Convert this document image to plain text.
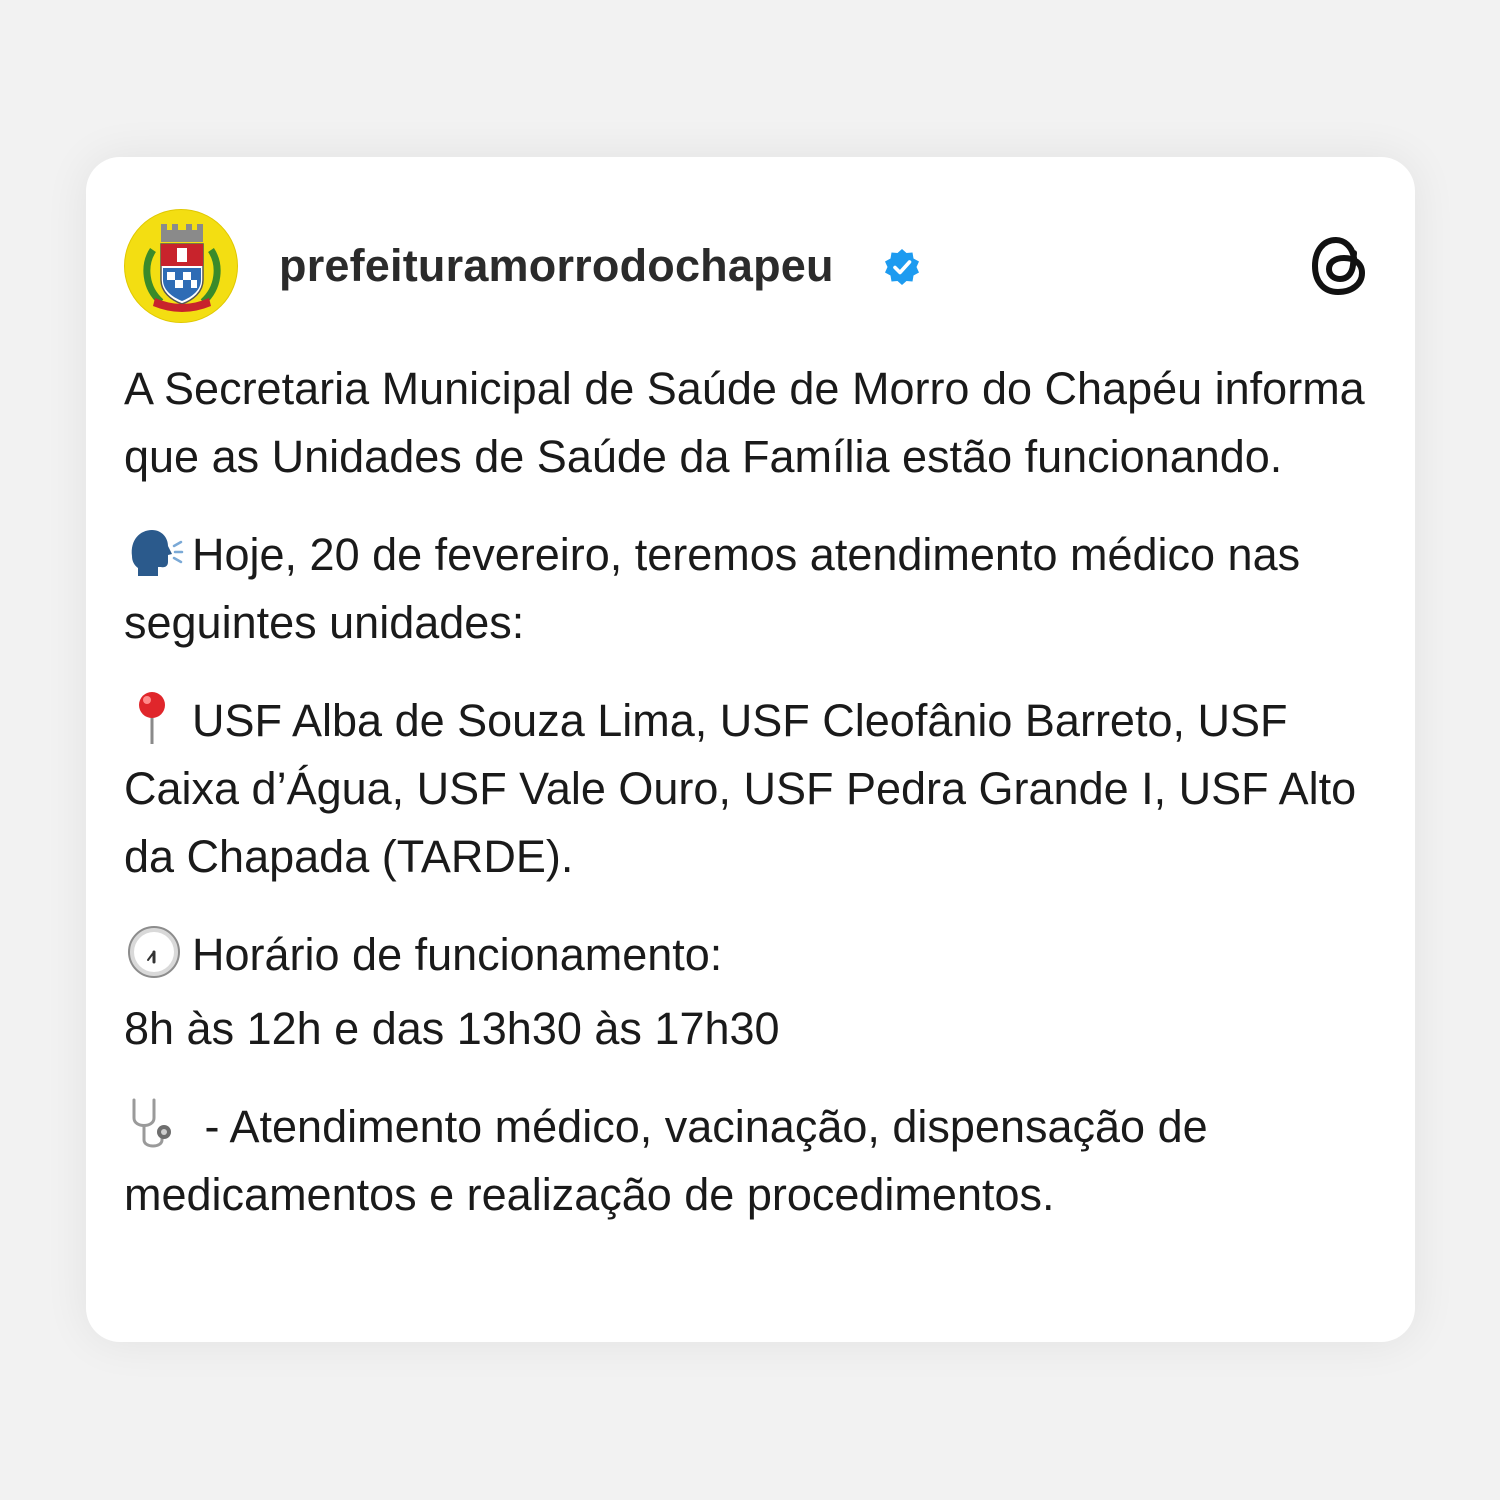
prefeituramorrodochapeu

A Secretaria Municipal de Saúde de Morro do Chapéu informa que as Unidades de Saúde da Família estão funcionando.

Hoje, 20 de fevereiro, teremos atendimento médico nas seguintes unidades:

USF Alba de Souza Lima, USF Cleofânio Barreto, USF Caixa d’Água, USF Vale Ouro, USF Pedra Grande I, USF Alto da Chapada (TARDE).

Horário de funcionamento:

8h às 12h e das 13h30 às 17h30

- Atendimento médico, vacinação, dispensação de medicamentos e realização de procedimentos.
